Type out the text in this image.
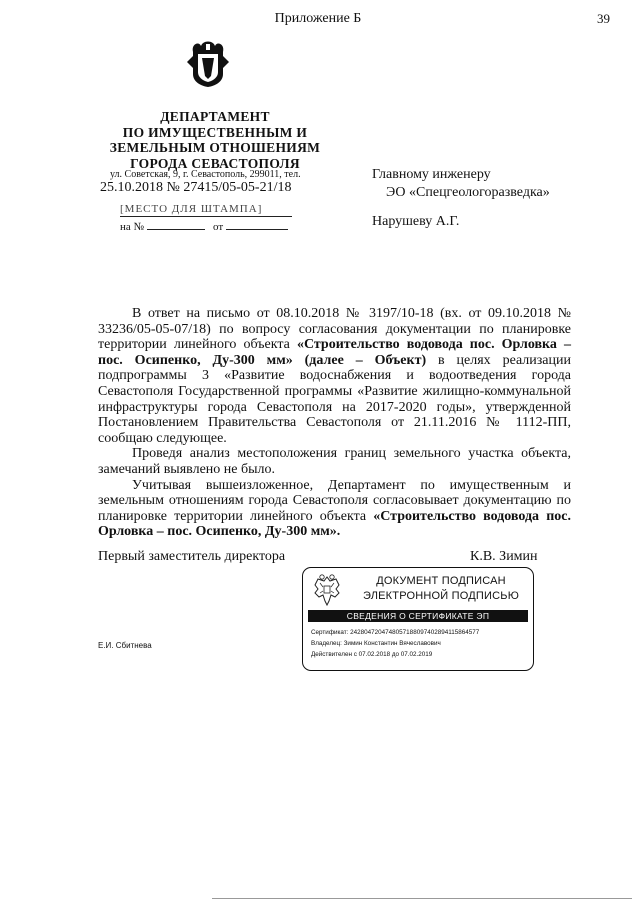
Приложение Б	39
ДЕПАРТАМЕНТ
ПО ИМУЩЕСТВЕННЫМ И
ЗЕМЕЛЬНЫМ ОТНОШЕНИЯМ
ГОРОДА СЕВАСТОПОЛЯ
ул. Советская, 9, г. Севастополь, 299011, тел.
25.10.2018 № 27415/05-05-21/18
[МЕСТО ДЛЯ ШТАМПА]
на №	от
Главному инженеру
ЭО «Спецгеологоразведка»
Нарушеву А.Г.

В ответ на письмо от 08.10.2018 № 3197/10-18 (вх. от 09.10.2018 № 33236/05-05-07/18) по вопросу согласования документации по планировке территории линейного объекта «Строительство водовода пос. Орловка – пос. Осипенко, Ду-300 мм» (далее – Объект) в целях реализации подпрограммы 3 «Развитие водоснабжения и водоотведения города Севастополя Государственной программы «Развитие жилищно-коммунальной инфраструктуры города Севастополя на 2017-2020 годы», утвержденной Постановлением Правительства Севастополя от 21.11.2016 № 1112-ПП, сообщаю следующее.

Проведя анализ местоположения границ земельного участка объекта, замечаний выявлено не было.

Учитывая вышеизложенное, Департамент по имущественным и земельным отношениям города Севастополя согласовывает документацию по планировке территории линейного объекта «Строительство водовода пос. Орловка – пос. Осипенко, Ду-300 мм».

Первый заместитель директора	К.В. Зимин
Е.И. Сбитнева
ДОКУМЕНТ ПОДПИСАН
ЭЛЕКТРОННОЙ ПОДПИСЬЮ
СВЕДЕНИЯ О СЕРТИФИКАТЕ ЭП
Сертификат: 24280472047480571880974028941158645​77
Владелец: Зимин Константин Вячеславович
Действителен с 07.02.2018 до 07.02.2019
